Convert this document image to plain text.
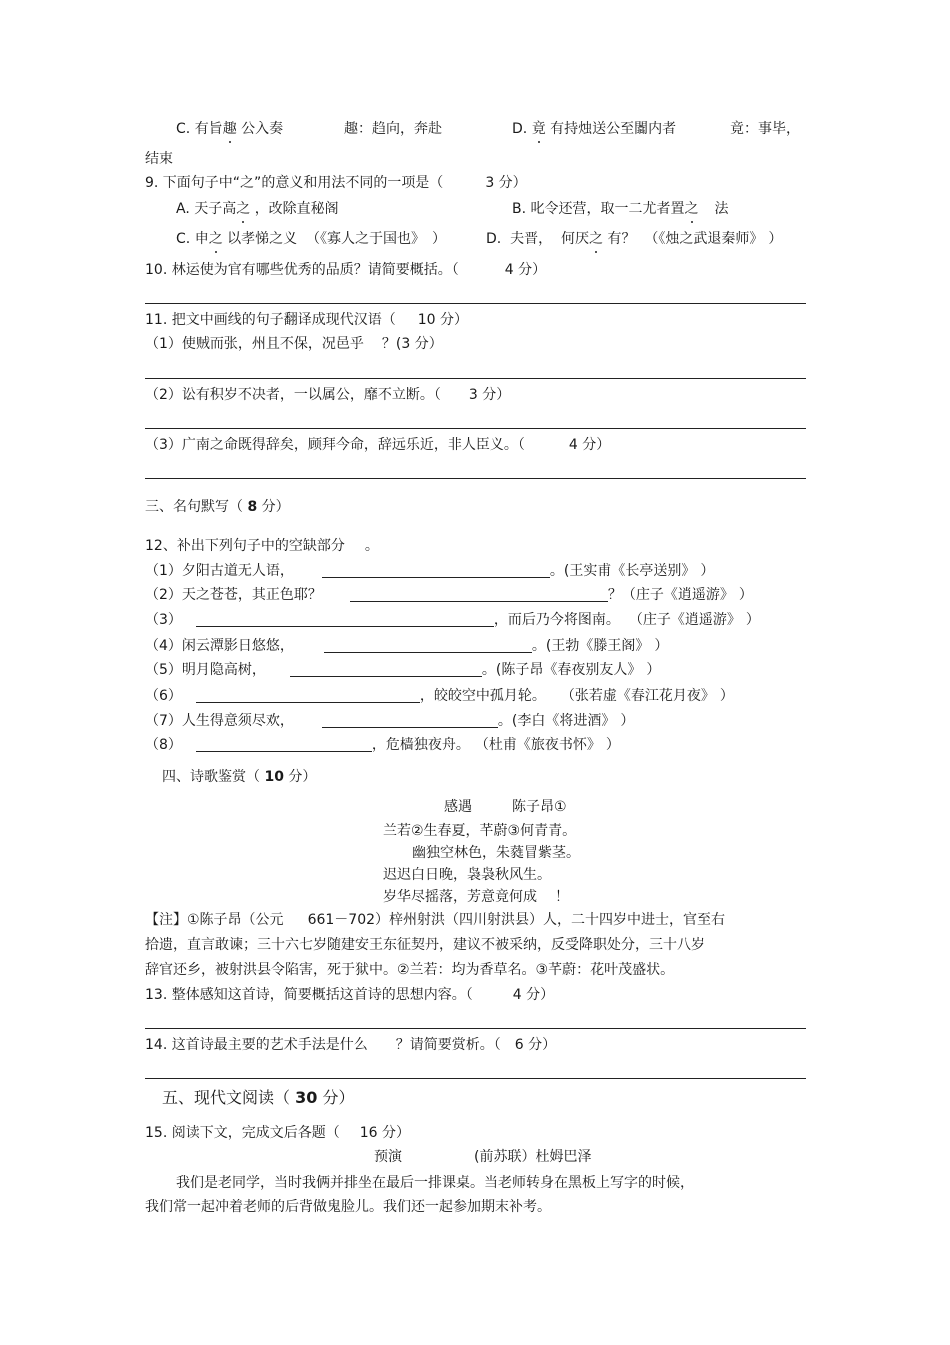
C. 有旨趣 公入奏	趣：趋向，奔赴	D. 竟 有持烛送公至闟内者	竟：事毕，
结束
9. 下面句子中“之”的意义和用法不同的一项是（	3 分）
A. 天子高之 ，改除直秘阁	B. 叱令还营，取一二尤者置之 法
C. 申之 以孝悌之义 （《寡人之于国也》 ）	D. 夫晋， 何厌之 有？ （《烛之武退秦师》 ）
10. 林运使为官有哪些优秀的品质？请简要概括。（	4 分）
11. 把文中画线的句子翻译成现代汉语（ 10 分）
（1）使贼而张，州且不保，况邑乎 ？(3 分）
（2）讼有积岁不决者，一以属公，靡不立断。（ 3 分）
（3）广南之命既得辞矣，顾拜今命，辞远乐近，非人臣义。（	4 分）
三、名句默写（ 8 分）
12、补出下列句子中的空缺部分 。
（1）夕阳古道无人语，	。(王实甫《长亭送别》 ）
（2）天之苍苍，其正色耶？	？（庄子《逍遥游》 ）
（3）	，而后乃今将图南。 （庄子《逍遥游》 ）
（4）闲云潭影日悠悠，	。(王勃《滕王阁》 ）
（5）明月隐高树，	。(陈子昂《春夜别友人》 ）
（6）	，皎皎空中孤月轮。 （张若虚《春江花月夜》 ）
（7）人生得意须尽欢，	。(李白《将进酒》 ）
（8）	，危樯独夜舟。 （杜甫《旅夜书怀》 ）
四、诗歌鉴赏（ 10 分）
感遇	陈子昂①
兰若②生春夏，芊蔚③何青青。
幽独空林色，朱蕤冒紫茎。
迟迟白日晚，袅袅秋风生。
岁华尽摇落，芳意竟何成 ！
【注】①陈子昂（公元 661－702）梓州射洪（四川射洪县）人，二十四岁中进士，官至右
拾遗，直言敢谏；三十六七岁随建安王东征契丹，建议不被采纳，反受降职处分，三十八岁
辞官还乡，被射洪县令陷害，死于狱中。②兰若：均为香草名。③芊蔚：花叶茂盛状。
13. 整体感知这首诗，简要概括这首诗的思想内容。（	4 分）
14. 这首诗最主要的艺术手法是什么 ？请简要赏析。（ 6 分）
五、现代文阅读（ 30 分）
15. 阅读下文，完成文后各题（ 16 分）
预演	(前苏联）杜姆巴泽
我们是老同学，当时我俩并排坐在最后一排课桌。当老师转身在黑板上写字的时候，
我们常一起冲着老师的后背做鬼脸儿。我们还一起参加期末补考。
